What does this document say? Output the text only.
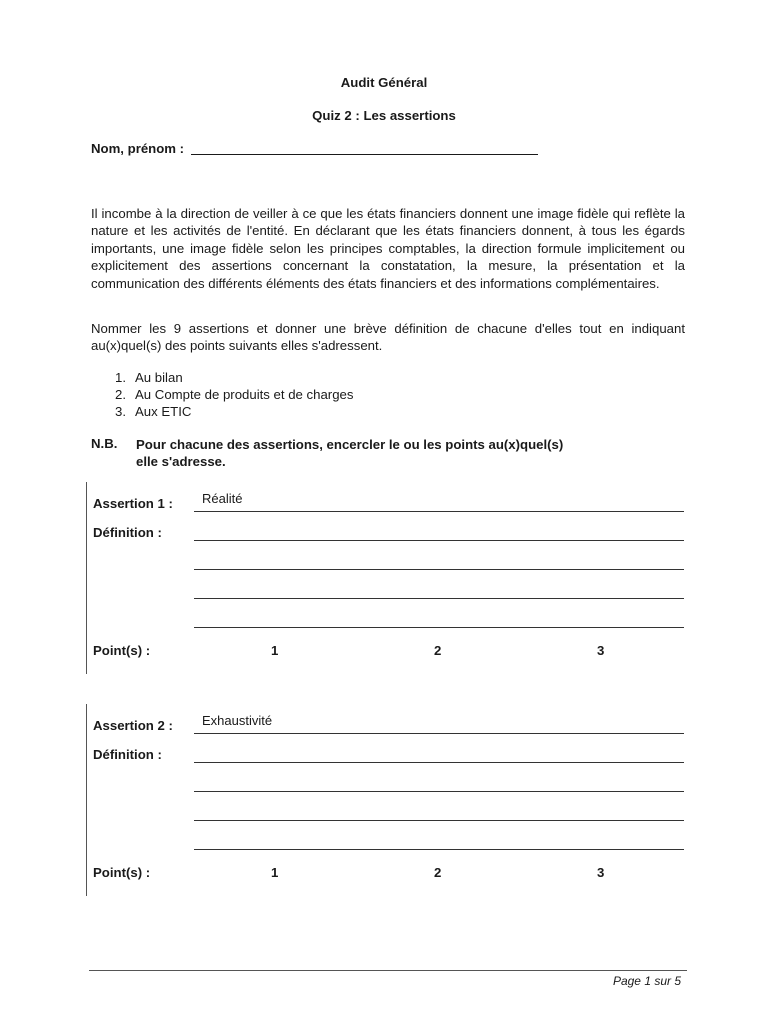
Audit Général
Quiz 2 : Les assertions
Nom, prénom :
Il incombe à la direction de veiller à ce que les états financiers donnent une image fidèle qui reflète la nature et les activités de l'entité. En déclarant que les états financiers donnent, à tous les égards importants, une image fidèle selon les principes comptables, la direction formule implicitement ou explicitement des assertions concernant la constatation, la mesure, la présentation et la communication des différents éléments des états financiers et des informations complémentaires.
Nommer les 9 assertions et donner une brève définition de chacune d'elles tout en indiquant au(x)quel(s) des points suivants elles s'adressent.
1. Au bilan
2. Au Compte de produits et de charges
3. Aux ETIC
N.B. Pour chacune des assertions, encercler le ou les points au(x)quel(s)
elle s'adresse.
Assertion 1 : Réalité
Définition :
Point(s) :	1	2	3
Assertion 2 : Exhaustivité
Définition :
Point(s) :	1	2	3
Page 1 sur 5
